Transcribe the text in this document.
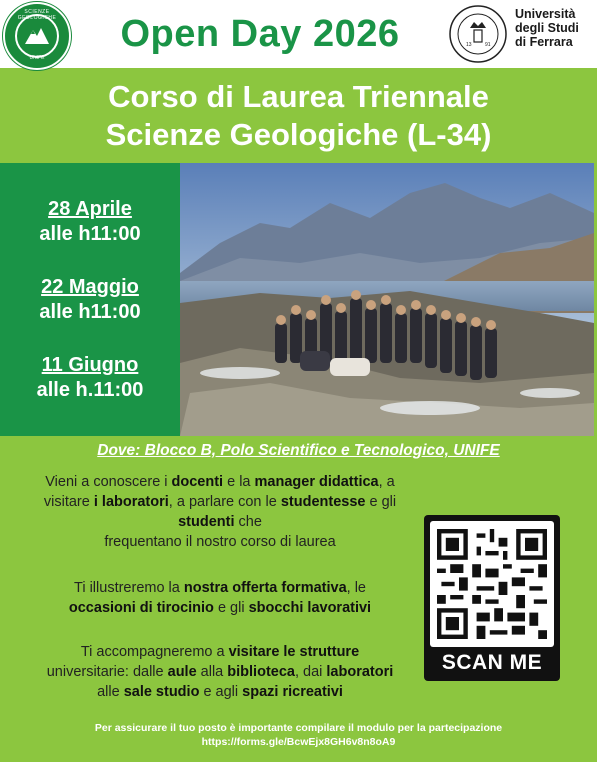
SCIENZE GEOLOGICHE
UNIFE
Open Day 2026	13	91
Università
degli Studi
di Ferrara
Corso di Laurea Triennale
Scienze Geologiche (L-34)
28 Aprile
alle h11:00
22 Maggio
alle h11:00
11 Giugno
alle h.11:00
Dove: Blocco B, Polo Scientifico e Tecnologico, UNIFE
Vieni a conoscere i docenti e la manager didattica, a
visitare i laboratori, a parlare con le studentesse e gli
studenti che
frequentano il nostro corso di laurea
Ti illustreremo la nostra offerta formativa, le
occasioni di tirocinio e gli sbocchi lavorativi
Ti accompagneremo a visitare le strutture
universitarie: dalle aule alla biblioteca, dai laboratori
alle sale studio e agli spazi ricreativi
SCAN ME
Per assicurare il tuo posto è importante compilare il modulo per la partecipazione
https://forms.gle/BcwEjx8GH6v8n8oA9
